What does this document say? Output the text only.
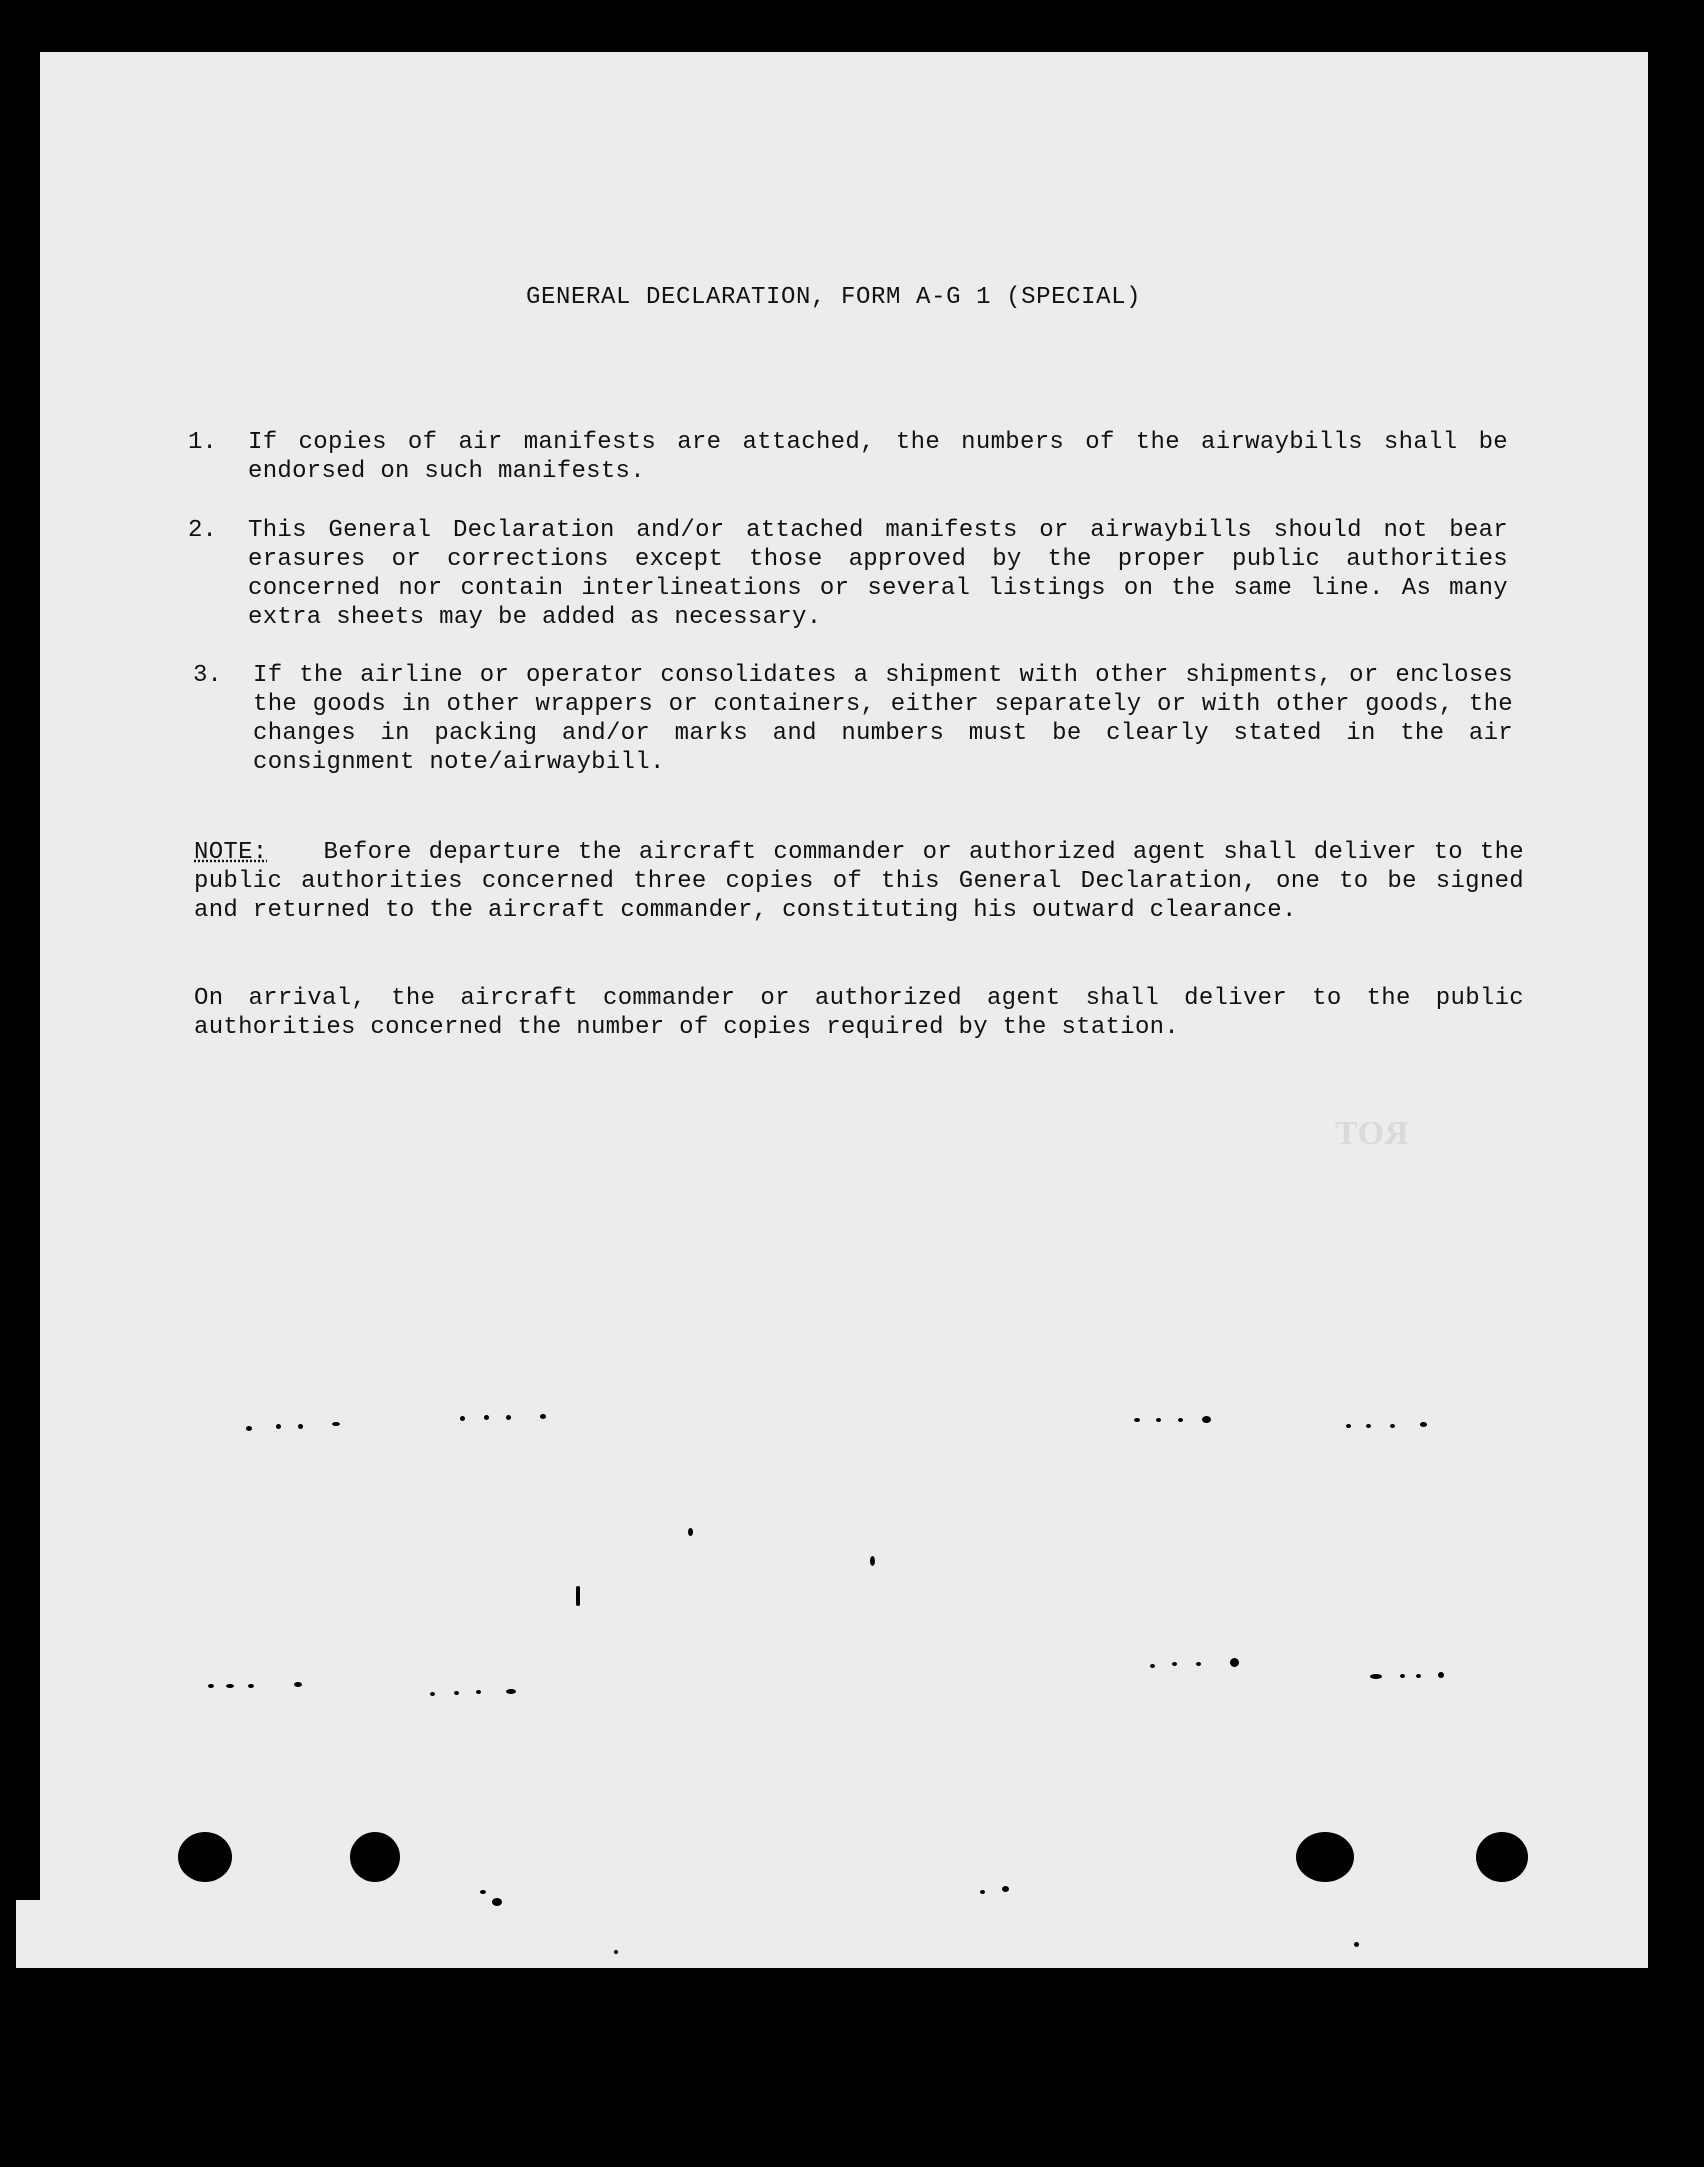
GENERAL DECLARATION, FORM A-G 1 (SPECIAL)
1. If copies of air manifests are attached, the numbers of the airwaybills shall be endorsed on such manifests.
2. This General Declaration and/or attached manifests or airwaybills should not bear erasures or corrections except those approved by the proper public authorities concerned nor contain interlineations or several listings on the same line. As many extra sheets may be added as necessary.
3. If the airline or operator consolidates a shipment with other shipments, or encloses the goods in other wrappers or containers, either separately or with other goods, the changes in packing and/or marks and numbers must be clearly stated in the air consignment note/airwaybill.
NOTE: Before departure the aircraft commander or authorized agent shall deliver to the public authorities concerned three copies of this General Declaration, one to be signed and returned to the aircraft commander, constituting his outward clearance.
On arrival, the aircraft commander or authorized agent shall deliver to the public authorities concerned the number of copies required by the station.
ROT
